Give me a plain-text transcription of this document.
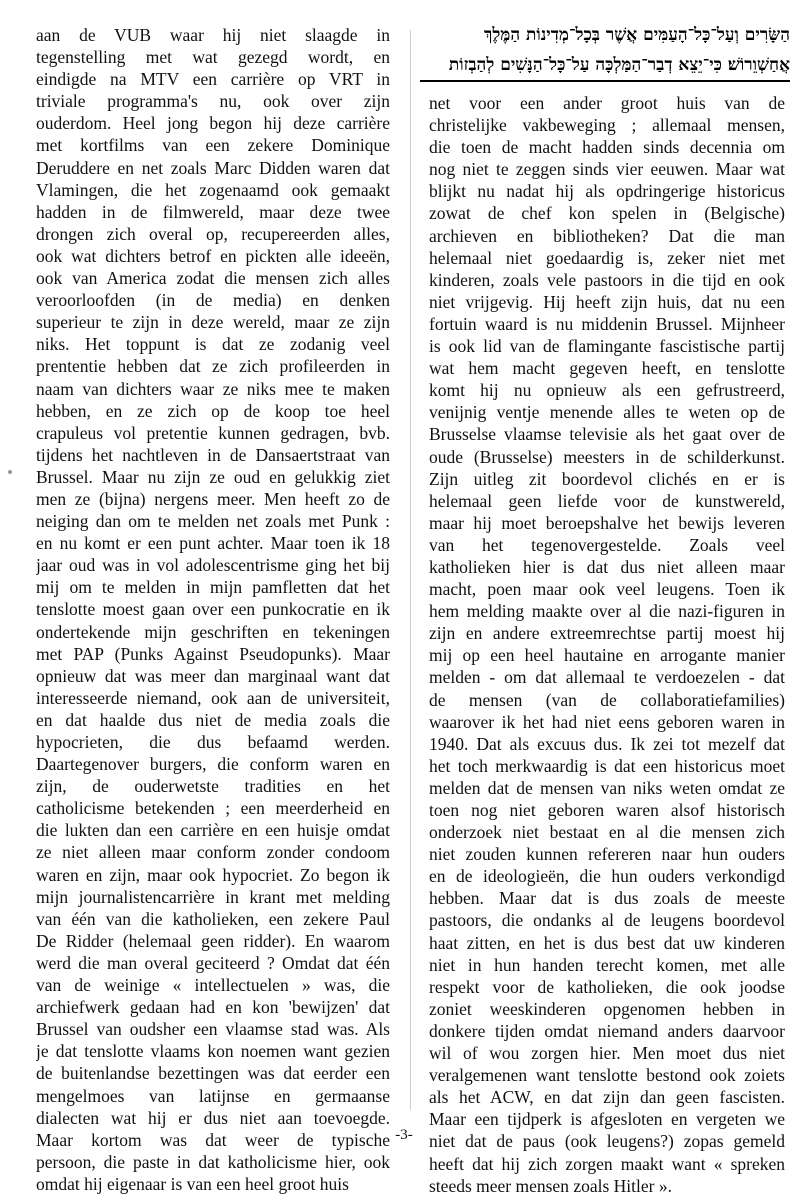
הַשָּׂרִים וְעַל־כָּל־הָעַמִּים אֲשֶׁר בְּכָל־מְדִינוֹת הַמֶּלֶךְ
אֲחַשְׁוֵרוֹשׁ׃ כִּי־יֵצֵא דְבַר־הַמַּלְכָּה עַל־כָּל־הַנָּשִׁים לְהַבְזוֹת
aan de VUB waar hij niet slaagde in
tegenstelling met wat gezegd wordt, en
eindigde na MTV een carrière op VRT in
triviale programma's nu, ook over zijn
ouderdom. Heel jong begon hij deze carrière
met kortfilms van een zekere Dominique
Deruddere en net zoals Marc Didden waren dat
Vlamingen, die het zogenaamd ook gemaakt
hadden in de filmwereld, maar deze twee
drongen zich overal op, recupereerden alles,
ook wat dichters betrof en pickten alle ideeën,
ook van America zodat die mensen zich alles
veroorloofden (in de media) en denken
superieur te zijn in deze wereld, maar ze zijn
niks. Het toppunt is dat ze zodanig veel
prententie hebben dat ze zich profileerden in
naam van dichters waar ze niks mee te maken
hebben, en ze zich op de koop toe heel
crapuleus vol pretentie kunnen gedragen, bvb.
tijdens het nachtleven in de Dansaertstraat van
Brussel. Maar nu zijn ze oud en gelukkig ziet
men ze (bijna) nergens meer. Men heeft zo de
neiging dan om te melden net zoals met Punk :
en nu komt er een punt achter. Maar toen ik 18
jaar oud was in vol adolescentrisme ging het bij
mij om te melden in mijn pamfletten dat het
tenslotte moest gaan over een punkocratie en ik
ondertekende mijn geschriften en tekeningen
met PAP (Punks Against Pseudopunks). Maar
opnieuw dat was meer dan marginaal want dat
interesseerde niemand, ook aan de universiteit,
en dat haalde dus niet de media zoals die
hypocrieten, die dus befaamd werden.
Daartegenover burgers, die conform waren en
zijn, de ouderwetste tradities en het
catholicisme betekenden ; een meerderheid en
die lukten dan een carrière en een huisje omdat
ze niet alleen maar conform zonder condoom
waren en zijn, maar ook hypocriet. Zo begon ik
mijn journalistencarrière in krant met melding
van één van die katholieken, een zekere Paul
De Ridder (helemaal geen ridder). En waarom
werd die man overal geciteerd ? Omdat dat één
van de weinige « intellectuelen » was, die
archiefwerk gedaan had en kon 'bewijzen' dat
Brussel van oudsher een vlaamse stad was. Als
je dat tenslotte vlaams kon noemen want gezien
de buitenlandse bezettingen was dat eerder een
mengelmoes van latijnse en germaanse
dialecten wat hij er dus niet aan toevoegde.
Maar kortom was dat weer de typische
persoon, die paste in dat katholicisme hier, ook
omdat hij eigenaar is van een heel groot huis
net voor een ander groot huis van de
christelijke vakbeweging ; allemaal mensen,
die toen de macht hadden sinds decennia om
nog niet te zeggen sinds vier eeuwen. Maar wat
blijkt nu nadat hij als opdringerige historicus
zowat de chef kon spelen in (Belgische)
archieven en bibliotheken? Dat die man
helemaal niet goedaardig is, zeker niet met
kinderen, zoals vele pastoors in die tijd en ook
niet vrijgevig. Hij heeft zijn huis, dat nu een
fortuin waard is nu middenin Brussel. Mijnheer
is ook lid van de flamingante fascistische partij
wat hem macht gegeven heeft, en tenslotte
komt hij nu opnieuw als een gefrustreerd,
venijnig ventje menende alles te weten op de
Brusselse vlaamse televisie als het gaat over de
oude (Brusselse) meesters in de schilderkunst.
Zijn uitleg zit boordevol clichés en er is
helemaal geen liefde voor de kunstwereld,
maar hij moet beroepshalve het bewijs leveren
van het tegenovergestelde. Zoals veel
katholieken hier is dat dus niet alleen maar
macht, poen maar ook veel leugens. Toen ik
hem melding maakte over al die nazi-figuren in
zijn en andere extreemrechtse partij moest hij
mij op een heel hautaine en arrogante manier
melden - om dat allemaal te verdoezelen - dat
de mensen (van de collaboratiefamilies)
waarover ik het had niet eens geboren waren in
1940. Dat als excuus dus. Ik zei tot mezelf dat
het toch merkwaardig is dat een historicus moet
melden dat de mensen van niks weten omdat ze
toen nog niet geboren waren alsof historisch
onderzoek niet bestaat en al die mensen zich
niet zouden kunnen refereren naar hun ouders
en de ideologieën, die hun ouders verkondigd
hebben. Maar dat is dus zoals de meeste
pastoors, die ondanks al de leugens boordevol
haat zitten, en het is dus best dat uw kinderen
niet in hun handen terecht komen, met alle
respekt voor de katholieken, die ook joodse
zoniet weeskinderen opgenomen hebben in
donkere tijden omdat niemand anders daarvoor
wil of wou zorgen hier. Men moet dus niet
veralgemenen want tenslotte bestond ook zoiets
als het ACW, en dat zijn dan geen fascisten.
Maar een tijdperk is afgesloten en vergeten we
niet dat de paus (ook leugens?) zopas gemeld
heeft dat hij zich zorgen maakt want « spreken
steeds meer mensen zoals Hitler ».
-3-
